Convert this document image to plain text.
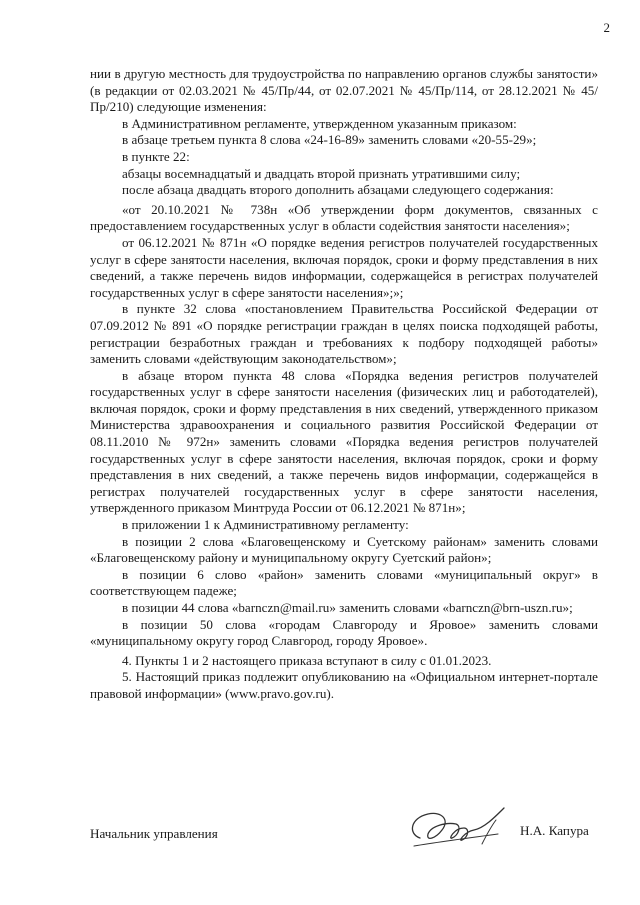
2

нии в другую местность для трудоустройства по направлению органов службы занятости» (в редакции от 02.03.2021 № 45/Пр/44, от 02.07.2021 № 45/Пр/114, от 28.12.2021 № 45/Пр/210) следующие изменения:

в Административном регламенте, утвержденном указанным приказом:

в абзаце третьем пункта 8 слова «24-16-89» заменить словами «20-55-29»;

в пункте 22:

абзацы восемнадцатый и двадцать второй признать утратившими силу;

после абзаца двадцать второго дополнить абзацами следующего содержания:

«от 20.10.2021 № 738н «Об утверждении форм документов, связанных с предоставлением государственных услуг в области содействия занятости населения»;

от 06.12.2021 № 871н «О порядке ведения регистров получателей государственных услуг в сфере занятости населения, включая порядок, сроки и форму представления в них сведений, а также перечень видов информации, содержащейся в регистрах получателей государственных услуг в сфере занятости населения»;»;

в пункте 32 слова «постановлением Правительства Российской Федерации от 07.09.2012 № 891 «О порядке регистрации граждан в целях поиска подходящей работы, регистрации безработных граждан и требованиях к подбору подходящей работы» заменить словами «действующим законодательством»;

в абзаце втором пункта 48 слова «Порядка ведения регистров получателей государственных услуг в сфере занятости населения (физических лиц и работодателей), включая порядок, сроки и форму представления в них сведений, утвержденного приказом Министерства здравоохранения и социального развития Российской Федерации от 08.11.2010 № 972н» заменить словами «Порядка ведения регистров получателей государственных услуг в сфере занятости населения, включая порядок, сроки и форму представления в них сведений, а также перечень видов информации, содержащейся в регистрах получателей государственных услуг в сфере занятости населения, утвержденного приказом Минтруда России от 06.12.2021 № 871н»;

в приложении 1 к Административному регламенту:

в позиции 2 слова «Благовещенскому и Суетскому районам» заменить словами «Благовещенскому району и муниципальному округу Суетский район»;

в позиции 6 слово «район» заменить словами «муниципальный округ» в соответствующем падеже;

в позиции 44 слова «barnczn@mail.ru» заменить словами «barnczn@brn-uszn.ru»;

в позиции 50 слова «городам Славгороду и Яровое» заменить словами «муниципальному округу город Славгород, городу Яровое».

4. Пункты 1 и 2 настоящего приказа вступают в силу с 01.01.2023.

5. Настоящий приказ подлежит опубликованию на «Официальном интернет-портале правовой информации» (www.pravo.gov.ru).

Начальник управления	Н.А. Капура
